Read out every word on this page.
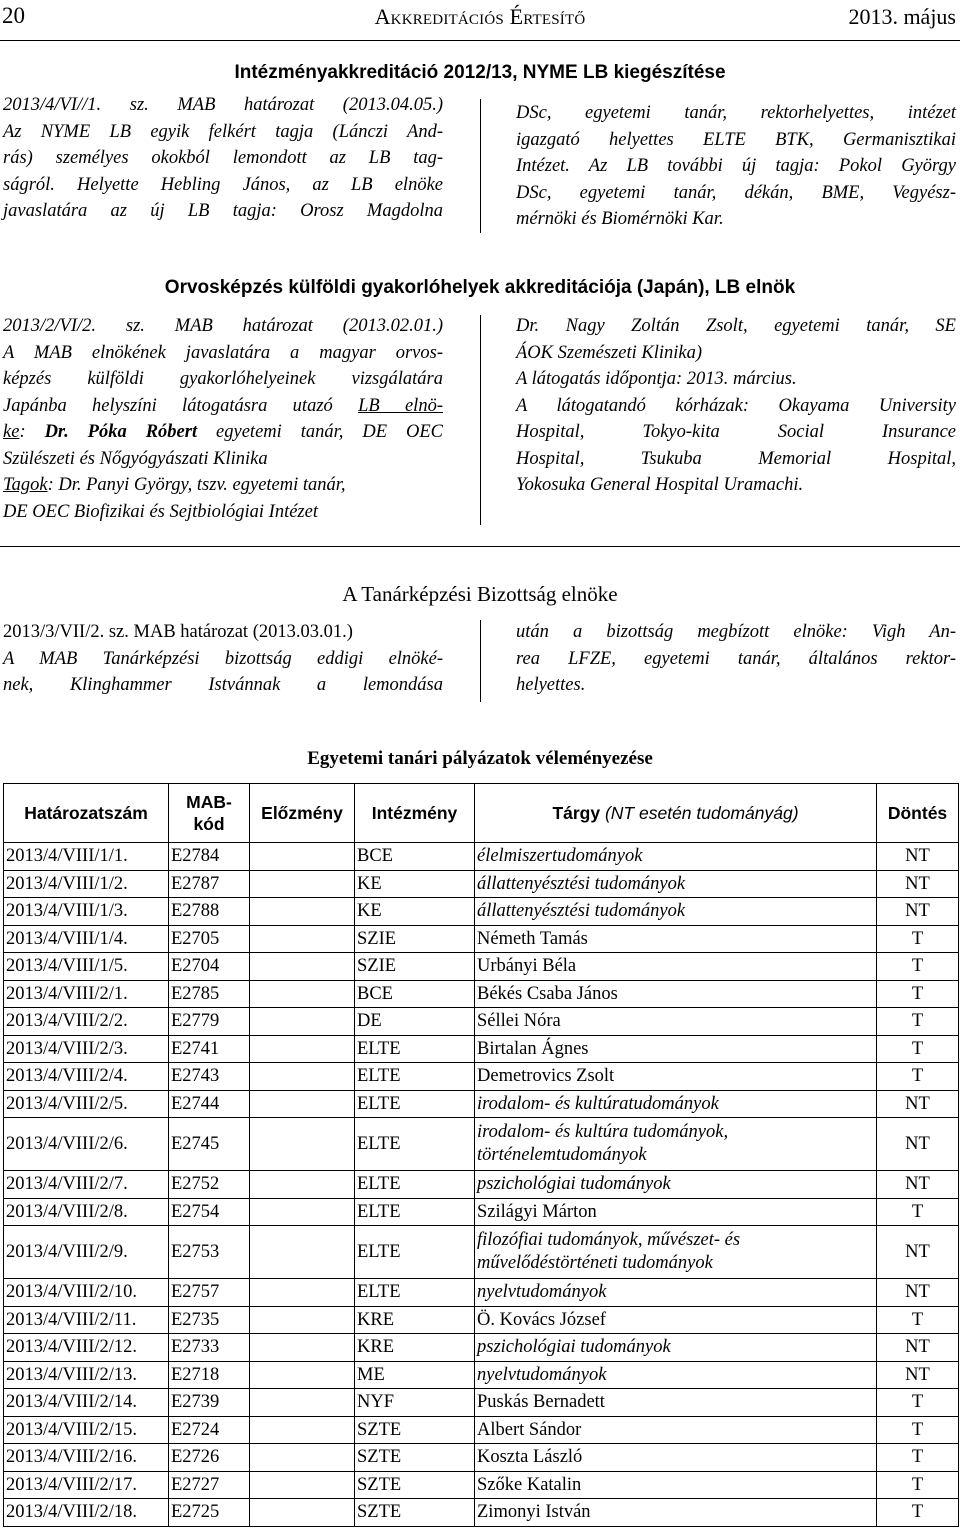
20	Akkreditációs Értesítő	2013. május
Intézményakkreditáció 2012/13, NYME LB kiegészítése

2013/4/VI//1. sz. MAB határozat (2013.04.05.)

Az NYME LB egyik felkért tagja (Lánczi And-

rás) személyes okokból lemondott az LB tag-

ságról. Helyette Hebling János, az LB elnöke

javaslatára az új LB tagja: Orosz Magdolna

DSc, egyetemi tanár, rektorhelyettes, intézet

igazgató helyettes ELTE BTK, Germanisztikai

Intézet. Az LB további új tagja: Pokol György

DSc, egyetemi tanár, dékán, BME, Vegyész-

mérnöki és Biomérnöki Kar.

Orvosképzés külföldi gyakorlóhelyek akkreditációja (Japán), LB elnök

2013/2/VI/2. sz. MAB határozat (2013.02.01.)

A MAB elnökének javaslatára a magyar orvos-

képzés külföldi gyakorlóhelyeinek vizsgálatára

Japánba helyszíni látogatásra utazó LB elnö-

ke: Dr. Póka Róbert egyetemi tanár, DE OEC

Szülészeti és Nőgyógyászati Klinika

Tagok: Dr. Panyi György, tszv. egyetemi tanár,

DE OEC Biofizikai és Sejtbiológiai Intézet

Dr. Nagy Zoltán Zsolt, egyetemi tanár, SE

ÁOK Szemészeti Klinika)

A látogatás időpontja: 2013. március.

A látogatandó kórházak: Okayama University

Hospital, Tokyo-kita Social Insurance

Hospital, Tsukuba Memorial Hospital,

Yokosuka General Hospital Uramachi.

A Tanárképzési Bizottság elnöke

2013/3/VII/2. sz. MAB határozat (2013.03.01.)

A MAB Tanárképzési bizottság eddigi elnöké-

nek, Klinghammer Istvánnak a lemondása

után a bizottság megbízott elnöke: Vigh An-

rea LFZE, egyetemi tanár, általános rektor-

helyettes.

Egyetemi tanári pályázatok véleményezése
Határozatszám	MAB-kód	Előzmény	Intézmény	Tárgy (NT esetén tudományág)	Döntés
2013/4/VIII/1/1.	E2784		BCE	élelmiszertudományok	NT
2013/4/VIII/1/2.	E2787		KE	állattenyésztési tudományok	NT
2013/4/VIII/1/3.	E2788		KE	állattenyésztési tudományok	NT
2013/4/VIII/1/4.	E2705		SZIE	Németh Tamás	T
2013/4/VIII/1/5.	E2704		SZIE	Urbányi Béla	T
2013/4/VIII/2/1.	E2785		BCE	Békés Csaba János	T
2013/4/VIII/2/2.	E2779		DE	Séllei Nóra	T
2013/4/VIII/2/3.	E2741		ELTE	Birtalan Ágnes	T
2013/4/VIII/2/4.	E2743		ELTE	Demetrovics Zsolt	T
2013/4/VIII/2/5.	E2744		ELTE	irodalom- és kultúratudományok	NT
2013/4/VIII/2/6.	E2745		ELTE	irodalom- és kultúra tudományok, történelemtudományok	NT
2013/4/VIII/2/7.	E2752		ELTE	pszichológiai tudományok	NT
2013/4/VIII/2/8.	E2754		ELTE	Szilágyi Márton	T
2013/4/VIII/2/9.	E2753		ELTE	filozófiai tudományok, művészet- és művelődéstörténeti tudományok	NT
2013/4/VIII/2/10.	E2757		ELTE	nyelvtudományok	NT
2013/4/VIII/2/11.	E2735		KRE	Ö. Kovács József	T
2013/4/VIII/2/12.	E2733		KRE	pszichológiai tudományok	NT
2013/4/VIII/2/13.	E2718		ME	nyelvtudományok	NT
2013/4/VIII/2/14.	E2739		NYF	Puskás Bernadett	T
2013/4/VIII/2/15.	E2724		SZTE	Albert Sándor	T
2013/4/VIII/2/16.	E2726		SZTE	Koszta László	T
2013/4/VIII/2/17.	E2727		SZTE	Szőke Katalin	T
2013/4/VIII/2/18.	E2725		SZTE	Zimonyi István	T
